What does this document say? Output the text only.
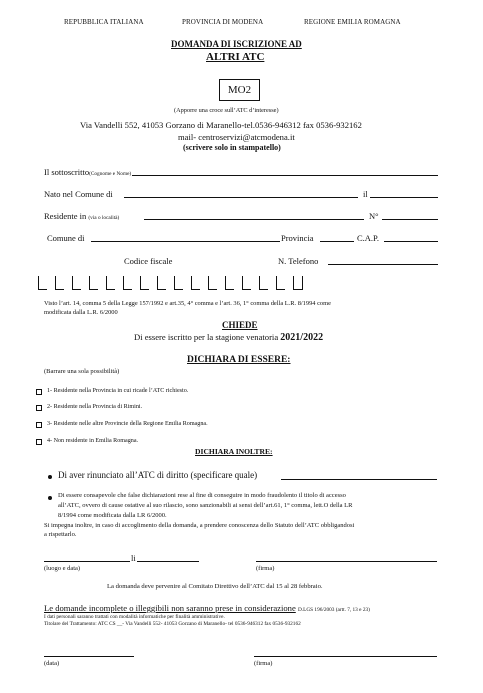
REPUBBLICA ITALIANA	PROVINCIA DI MODENA	REGIONE EMILIA ROMAGNA
DOMANDA DI ISCRIZIONE AD
ALTRI ATC
MO2
(Apporre una croce sull’ATC d’interesse)
Via Vandelli 552, 41053 Gorzano di Maranello-tel.0536-946312 fax 0536-932162
mail- centroservizi@atcmodena.it
(scrivere solo in stampatello)
Il sottoscritto(Cognome e Nome)
Nato nel Comune di	il
Residente in (via o località)	N°
Comune di	Provincia	C.A.P.
Codice fiscale	N. Telefono
Visto l’art. 14, comma 5 della Legge 157/1992 e art.35, 4° comma e l’art. 36, 1° comma della L.R. 8/1994 come
modificata dalla L.R. 6/2000
CHIEDE
Di essere iscritto per la stagione venatoria 2021/2022
DICHIARA DI ESSERE:
(Barrare una sola possibilità)
1- Residente nella Provincia in cui ricade l’ATC richiesto.
2- Residente nella Provincia di Rimini.
3- Residente nelle altre Provincie della Regione Emilia Romagna.
4- Non residente in Emilia Romagna.
DICHIARA INOLTRE:
Di aver rinunciato all’ATC di diritto (specificare quale)
Di essere consapevole che false dichiarazioni rese al fine di conseguire in modo fraudolento il titolo di accesso
all’ATC, ovvero di cause ostative al suo rilascio, sono sanzionabili ai sensi dell’art.61, 1° comma, lett.O della LR
8/1994 come modificata dalla LR 6/2000.
Si impegna inoltre, in caso di accoglimento della domanda, a prendere conoscenza dello Statuto dell’ATC obbligandosi
a rispettarlo.
li
(luogo e data)	(firma)
La domanda deve pervenire al Comitato Direttivo dell’ATC dal 15 al 28 febbraio.
Le domande incomplete o illeggibili non saranno prese in considerazione D.LGS 196/2003 (artt. 7, 13 e 23)
I dati personali saranno trattati con modalità informatiche per finalità amministrative.
Titolare del Trattamento: ATC CS __- Via Vandelli 552- 41053 Gorzano di Maranello- tel 0536-946312 fax 0536-932162
(data)	(firma)
